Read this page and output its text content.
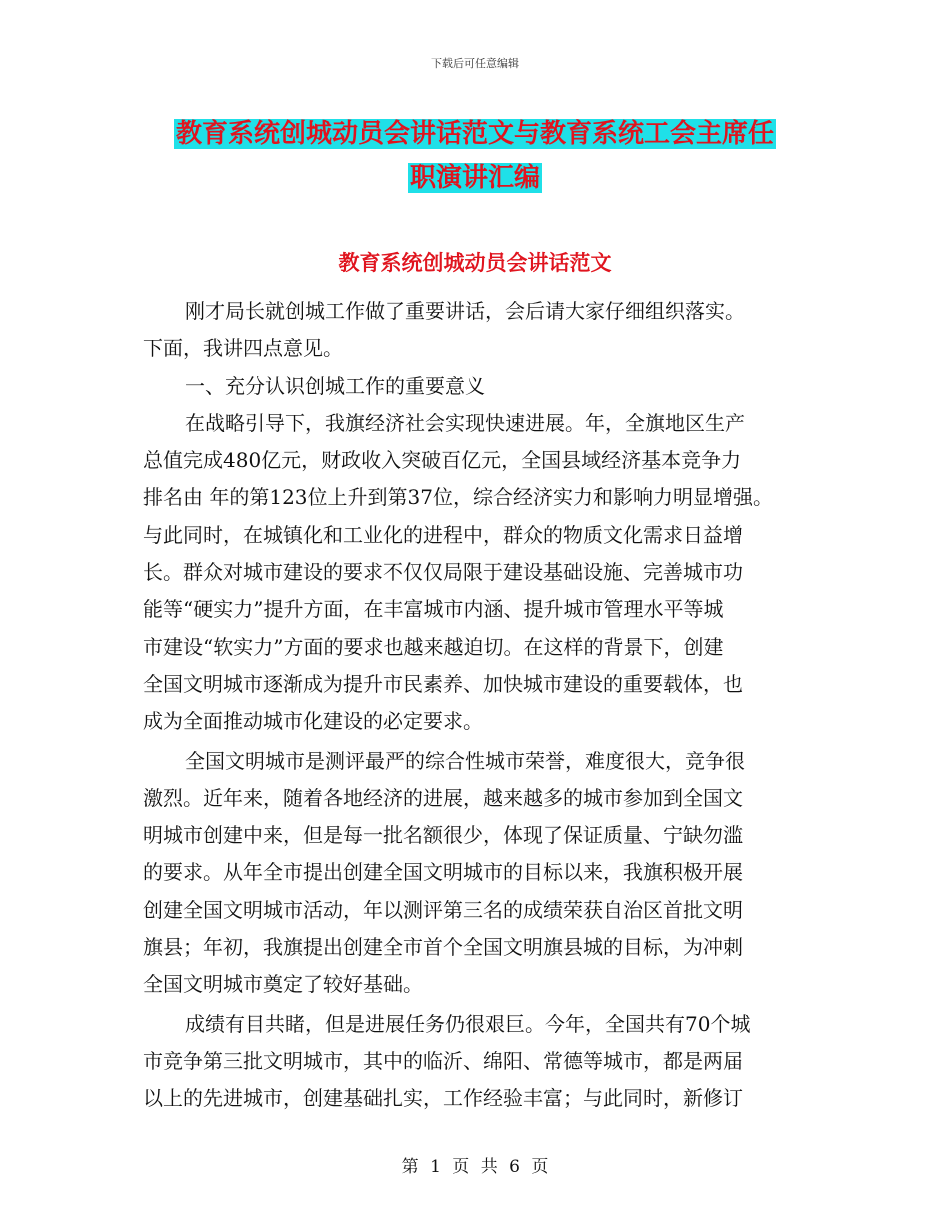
下载后可任意编辑
教育系统创城动员会讲话范文与教育系统工会主席任
职演讲汇编
教育系统创城动员会讲话范文
刚才局长就创城工作做了重要讲话，会后请大家仔细组织落实。
下面，我讲四点意见。
一、充分认识创城工作的重要意义
在战略引导下，我旗经济社会实现快速进展。年，全旗地区生产
总值完成480亿元，财政收入突破百亿元，全国县域经济基本竞争力
排名由 年的第123位上升到第37位，综合经济实力和影响力明显增强。
与此同时，在城镇化和工业化的进程中，群众的物质文化需求日益增
长。群众对城市建设的要求不仅仅局限于建设基础设施、完善城市功
能等“硬实力”提升方面，在丰富城市内涵、提升城市管理水平等城
市建设“软实力”方面的要求也越来越迫切。在这样的背景下，创建
全国文明城市逐渐成为提升市民素养、加快城市建设的重要载体，也
成为全面推动城市化建设的必定要求。
全国文明城市是测评最严的综合性城市荣誉，难度很大，竞争很
激烈。近年来，随着各地经济的进展，越来越多的城市参加到全国文
明城市创建中来，但是每一批名额很少，体现了保证质量、宁缺勿滥
的要求。从年全市提出创建全国文明城市的目标以来，我旗积极开展
创建全国文明城市活动，年以测评第三名的成绩荣获自治区首批文明
旗县；年初，我旗提出创建全市首个全国文明旗县城的目标，为冲刺
全国文明城市奠定了较好基础。
成绩有目共睹，但是进展任务仍很艰巨。今年，全国共有70个城
市竞争第三批文明城市，其中的临沂、绵阳、常德等城市，都是两届
以上的先进城市，创建基础扎实，工作经验丰富；与此同时，新修订
第 1 页 共 6 页
